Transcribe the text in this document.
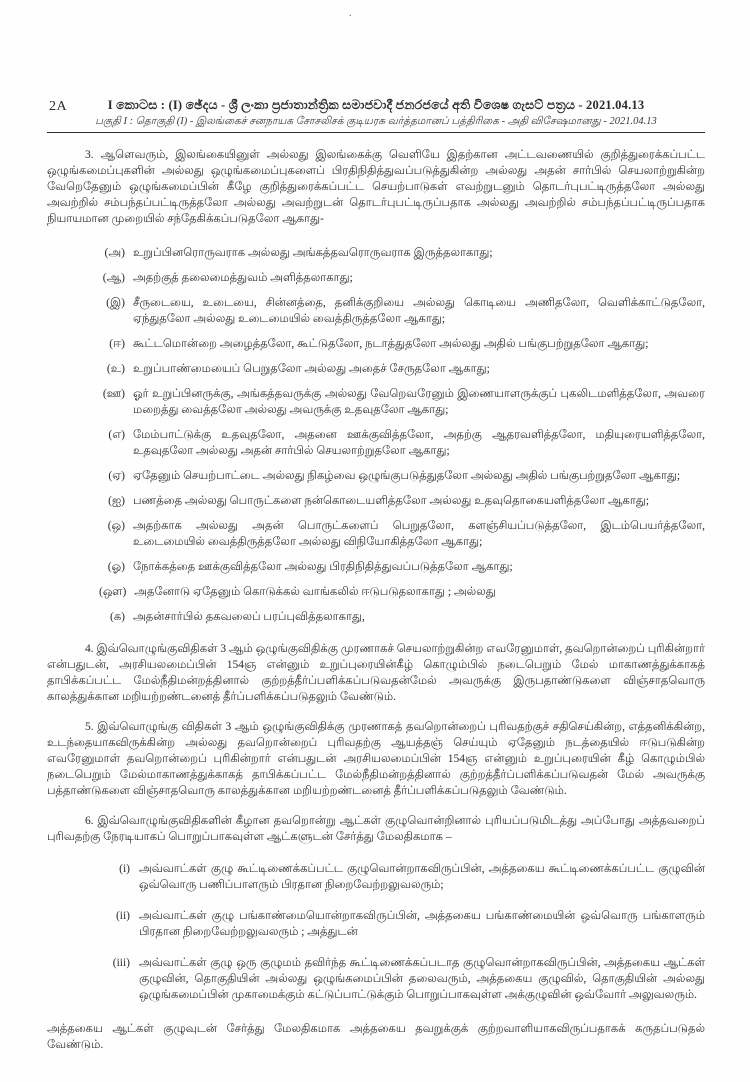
.
2A	I කොටස : (I) ඡේදය - ශ්‍රී ලංකා ප්‍රජාතාන්ත්‍රික සමාජවාදී ජනරජයේ අති විශෙෂ ගැසට් පත්‍රය - 2021.04.13
பகுதி I : தொகுதி (I) - இலங்கைச் சனநாயக சோசலிசக் குடியரசு வர்த்தமானப் பத்திரிகை - அதி விசேஷமானது - 2021.04.13

3. ஆளெவரும், இலங்கையினுள் அல்லது இலங்கைக்கு வெளியே இதற்கான அட்டவணையில் குறித்துரைக்கப்பட்ட ஒழுங்கமைப்புகளின் அல்லது ஒழுங்கமைப்புகளைப் பிரதிநிதித்துவப்படுத்துகின்ற அல்லது அதன் சார்பில் செயலாற்றுகின்ற வேறெதேனும் ஒழுங்கமைப்பின் கீழே குறித்துரைக்கப்பட்ட செயற்பாடுகள் எவற்றுடனும் தொடர்புபட்டிருத்தலோ அல்லது அவற்றில் சம்பந்தப்பட்டிருத்தலோ அல்லது அவற்றுடன் தொடர்புபட்டிருப்பதாக அல்லது அவற்றில் சம்பந்தப்பட்டிருப்பதாக நியாயமான முறையில் சந்தேகிக்கப்படுதலோ ஆகாது-

(அ) உறுப்பினரொருவராக அல்லது அங்கத்தவரொருவராக இருத்தலாகாது;
(ஆ) அதற்குத் தலைமைத்துவம் அளித்தலாகாது;
(இ) சீருடையை, உடையை, சின்னத்தை, தனிக்குறியை அல்லது கொடியை அணிதலோ, வெளிக்காட்டுதலோ, ஏந்துதலோ அல்லது உடைமையில் வைத்திருத்தலோ ஆகாது;
(ஈ) கூட்டமொன்றை அழைத்தலோ, கூட்டுதலோ, நடாத்துதலோ அல்லது அதில் பங்குபற்றுதலோ ஆகாது;
(உ) உறுப்பாண்மையைப் பெறுதலோ அல்லது அதைச் சேருதலோ ஆகாது;
(ஊ) ஓர் உறுப்பினருக்கு, அங்கத்தவருக்கு அல்லது வேறெவரேனும் இணையாளருக்குப் புகலிடமளித்தலோ, அவரை மறைத்து வைத்தலோ அல்லது அவருக்கு உதவுதலோ ஆகாது;
(எ) மேம்பாட்டுக்கு உதவுதலோ, அதனை ஊக்குவித்தலோ, அதற்கு ஆதரவளித்தலோ, மதியுரையளித்தலோ, உதவுதலோ அல்லது அதன் சார்பில் செயலாற்றுதலோ ஆகாது;
(ஏ) ஏதேனும் செயற்பாட்டை அல்லது நிகழ்வை ஒழுங்குபடுத்துதலோ அல்லது அதில் பங்குபற்றுதலோ ஆகாது;
(ஐ) பணத்தை அல்லது பொருட்களை நன்கொடையளித்தலோ அல்லது உதவுதொகையளித்தலோ ஆகாது;
(ஒ) அதற்காக அல்லது அதன் பொருட்களைப் பெறுதலோ, களஞ்சியப்படுத்தலோ, இடம்பெயர்த்தலோ, உடைமையில் வைத்திருத்தலோ அல்லது விநியோகித்தலோ ஆகாது;
(ஓ) நோக்கத்தை ஊக்குவித்தலோ அல்லது பிரதிநிதித்துவப்படுத்தலோ ஆகாது;
(ஔ) அதனோடு ஏதேனும் கொடுக்கல் வாங்கலில் ஈடுபடுதலாகாது ; அல்லது
(க) அதன்சார்பில் தகவலைப் பரப்புவித்தலாகாது,

4. இவ்வொழுங்குவிதிகள் 3 ஆம் ஒழுங்குவிதிக்கு முரணாகச் செயலாற்றுகின்ற எவரேனுமாள், தவறொன்றைப் புரிகின்றார் என்பதுடன், அரசியலமைப்பின் 154ஞ என்னும் உறுப்புரையின்கீழ் கொழும்பில் நடைபெறும் மேல் மாகாணத்துக்காகத் தாபிக்கப்பட்ட மேல்நீதிமன்றத்தினால் குற்றத்தீர்ப்பளிக்கப்படுவதன்மேல் அவருக்கு இருபதாண்டுகளை விஞ்சாதவொரு காலத்துக்கான மறியற்றண்டனைத் தீர்ப்பளிக்கப்படுதலும் வேண்டும்.

5. இவ்வொழுங்கு விதிகள் 3 ஆம் ஒழுங்குவிதிக்கு முரணாகத் தவறொன்றைப் புரிவதற்குச் சதிசெய்கின்ற, எத்தனிக்கின்ற, உடந்தையாகவிருக்கின்ற அல்லது தவறொன்றைப் புரிவதற்கு ஆயத்தஞ் செய்யும் ஏதேனும் நடத்தையில் ஈடுபடுகின்ற எவரேனுமாள் தவறொன்றைப் புரிகின்றார் என்பதுடன் அரசியலமைப்பின் 154ஞ என்னும் உறுப்புரையின் கீழ் கொழும்பில் நடைபெறும் மேல்மாகாணத்துக்காகத் தாபிக்கப்பட்ட மேல்நீதிமன்றத்தினால் குற்றத்தீர்ப்பளிக்கப்படுவதன் மேல் அவருக்கு பத்தாண்டுகளை விஞ்சாதவொரு காலத்துக்கான மறியற்றண்டனைத் தீர்ப்பளிக்கப்படுதலும் வேண்டும்.

6. இவ்வொழுங்குவிதிகளின் கீழான தவறொன்று ஆட்கள் குழுவொன்றினால் புரியப்படுமிடத்து அப்போது அத்தவறைப் புரிவதற்கு நேரடியாகப் பொறுப்பாகவுள்ள ஆட்களுடன் சேர்த்து மேலதிகமாக –

(i) அவ்வாட்கள் குழு கூட்டிணைக்கப்பட்ட குழுவொன்றாகவிருப்பின், அத்தகைய கூட்டிணைக்கப்பட்ட குழுவின் ஒவ்வொரு பணிப்பாளரும் பிரதான நிறைவேற்றலுவலரும்;
(ii) அவ்வாட்கள் குழு பங்காண்மையொன்றாகவிருப்பின், அத்தகைய பங்காண்மையின் ஒவ்வொரு பங்காளரும் பிரதான நிறைவேற்றலுவலரும் ; அத்துடன்
(iii) அவ்வாட்கள் குழு ஒரு குழுமம் தவிர்ந்த கூட்டிணைக்கப்படாத குழுவொன்றாகவிருப்பின், அத்தகைய ஆட்கள் குழுவின், தொகுதியின் அல்லது ஒழுங்கமைப்பின் தலைவரும், அத்தகைய குழுவில், தொகுதியின் அல்லது ஒழுங்கமைப்பின் முகாமைக்கும் கட்டுப்பாட்டுக்கும் பொறுப்பாகவுள்ள அக்குழுவின் ஒவ்வோர் அலுவலரும்.

அத்தகைய ஆட்கள் குழுவுடன் சேர்த்து மேலதிகமாக அத்தகைய தவறுக்குக் குற்றவாளியாகவிருப்பதாகக் கருதப்படுதல் வேண்டும்.
